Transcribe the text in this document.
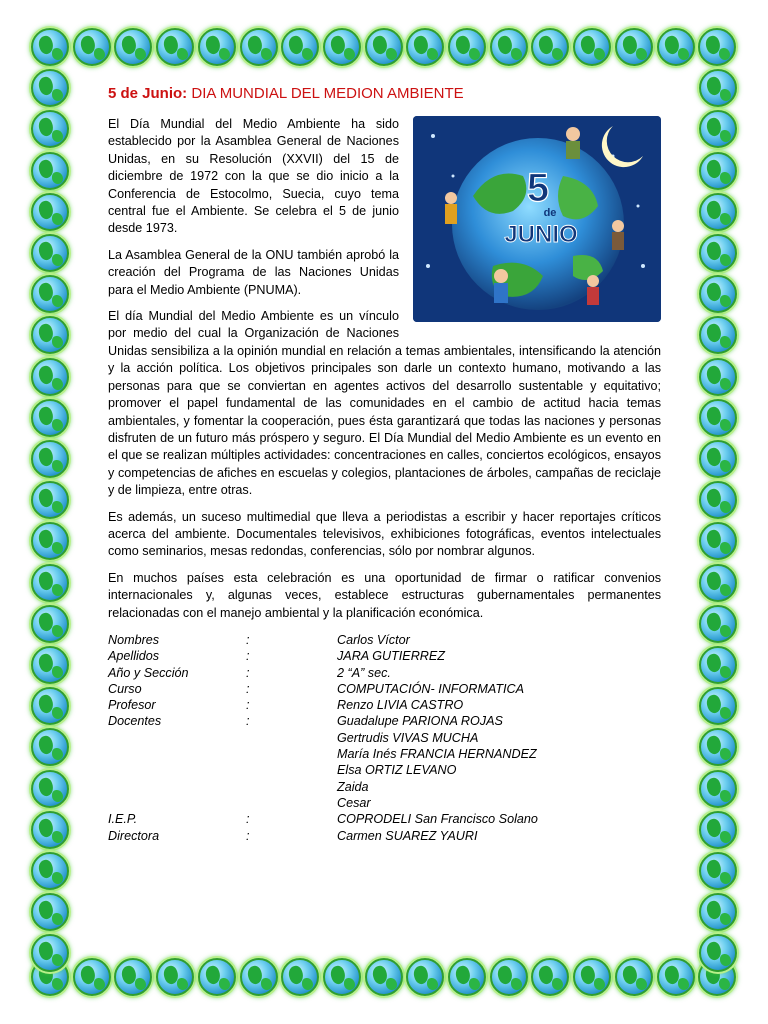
5 de Junio: DIA MUNDIAL DEL MEDION AMBIENTE
5
de
JUNIO

El Día Mundial del Medio Ambiente ha sido establecido por la Asamblea General de Naciones Unidas, en su Resolución (XXVII) del 15 de diciembre de 1972 con la que se dio inicio a la Conferencia de Estocolmo, Suecia, cuyo tema central fue el Ambiente. Se celebra el 5 de junio desde 1973.

La Asamblea General de la ONU también aprobó la creación del Programa de las Naciones Unidas para el Medio Ambiente (PNUMA).

El día Mundial del Medio Ambiente es un vínculo por medio del cual la Organización de Naciones Unidas sensibiliza a la opinión mundial en relación a temas ambientales, intensificando la atención y la acción política. Los objetivos principales son darle un contexto humano, motivando a las personas para que se conviertan en agentes activos del desarrollo sustentable y equitativo; promover el papel fundamental de las comunidades en el cambio de actitud hacia temas ambientales, y fomentar la cooperación, pues ésta garantizará que todas las naciones y personas disfruten de un futuro más próspero y seguro. El Día Mundial del Medio Ambiente es un evento en el que se realizan múltiples actividades: concentraciones en calles, conciertos ecológicos, ensayos y competencias de afiches en escuelas y colegios, plantaciones de árboles, campañas de reciclaje y de limpieza, entre otras.

Es además, un suceso multimedial que lleva a periodistas a escribir y hacer reportajes críticos acerca del ambiente. Documentales televisivos, exhibiciones fotográficas, eventos intelectuales como seminarios, mesas redondas, conferencias, sólo por nombrar algunos.

En muchos países esta celebración es una oportunidad de firmar o ratificar convenios internacionales y, algunas veces, establece estructuras gubernamentales permanentes relacionadas con el manejo ambiental y la planificación económica.

Nombres	:	Carlos Víctor
Apellidos	:	JARA GUTIERREZ
Año y Sección	:	2 “A” sec.
Curso	:	COMPUTACIÓN- INFORMATICA
Profesor	:	Renzo LIVIA CASTRO
Docentes	:	Guadalupe PARIONA ROJAS
		Gertrudis VIVAS MUCHA
		María Inés FRANCIA HERNANDEZ
		Elsa ORTIZ LEVANO
		Zaida
		Cesar
I.E.P.	:	COPRODELI San Francisco Solano
Directora	:	Carmen SUAREZ YAURI
